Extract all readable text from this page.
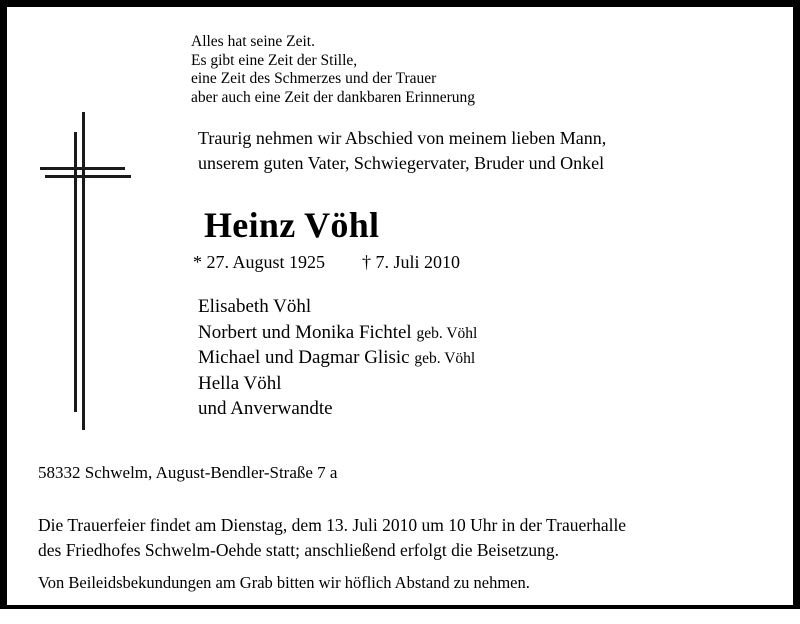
Alles hat seine Zeit.
Es gibt eine Zeit der Stille,
eine Zeit des Schmerzes und der Trauer
aber auch eine Zeit der dankbaren Erinnerung
Traurig nehmen wir Abschied von meinem lieben Mann,
unserem guten Vater, Schwiegervater, Bruder und Onkel
Heinz Vöhl
* 27. August 1925 † 7. Juli 2010
Elisabeth Vöhl
Norbert und Monika Fichtel geb. Vöhl
Michael und Dagmar Glisic geb. Vöhl
Hella Vöhl
und Anverwandte
58332 Schwelm, August-Bendler-Straße 7 a
Die Trauerfeier findet am Dienstag, dem 13. Juli 2010 um 10 Uhr in der Trauerhalle
des Friedhofes Schwelm-Oehde statt; anschließend erfolgt die Beisetzung.
Von Beileidsbekundungen am Grab bitten wir höflich Abstand zu nehmen.
